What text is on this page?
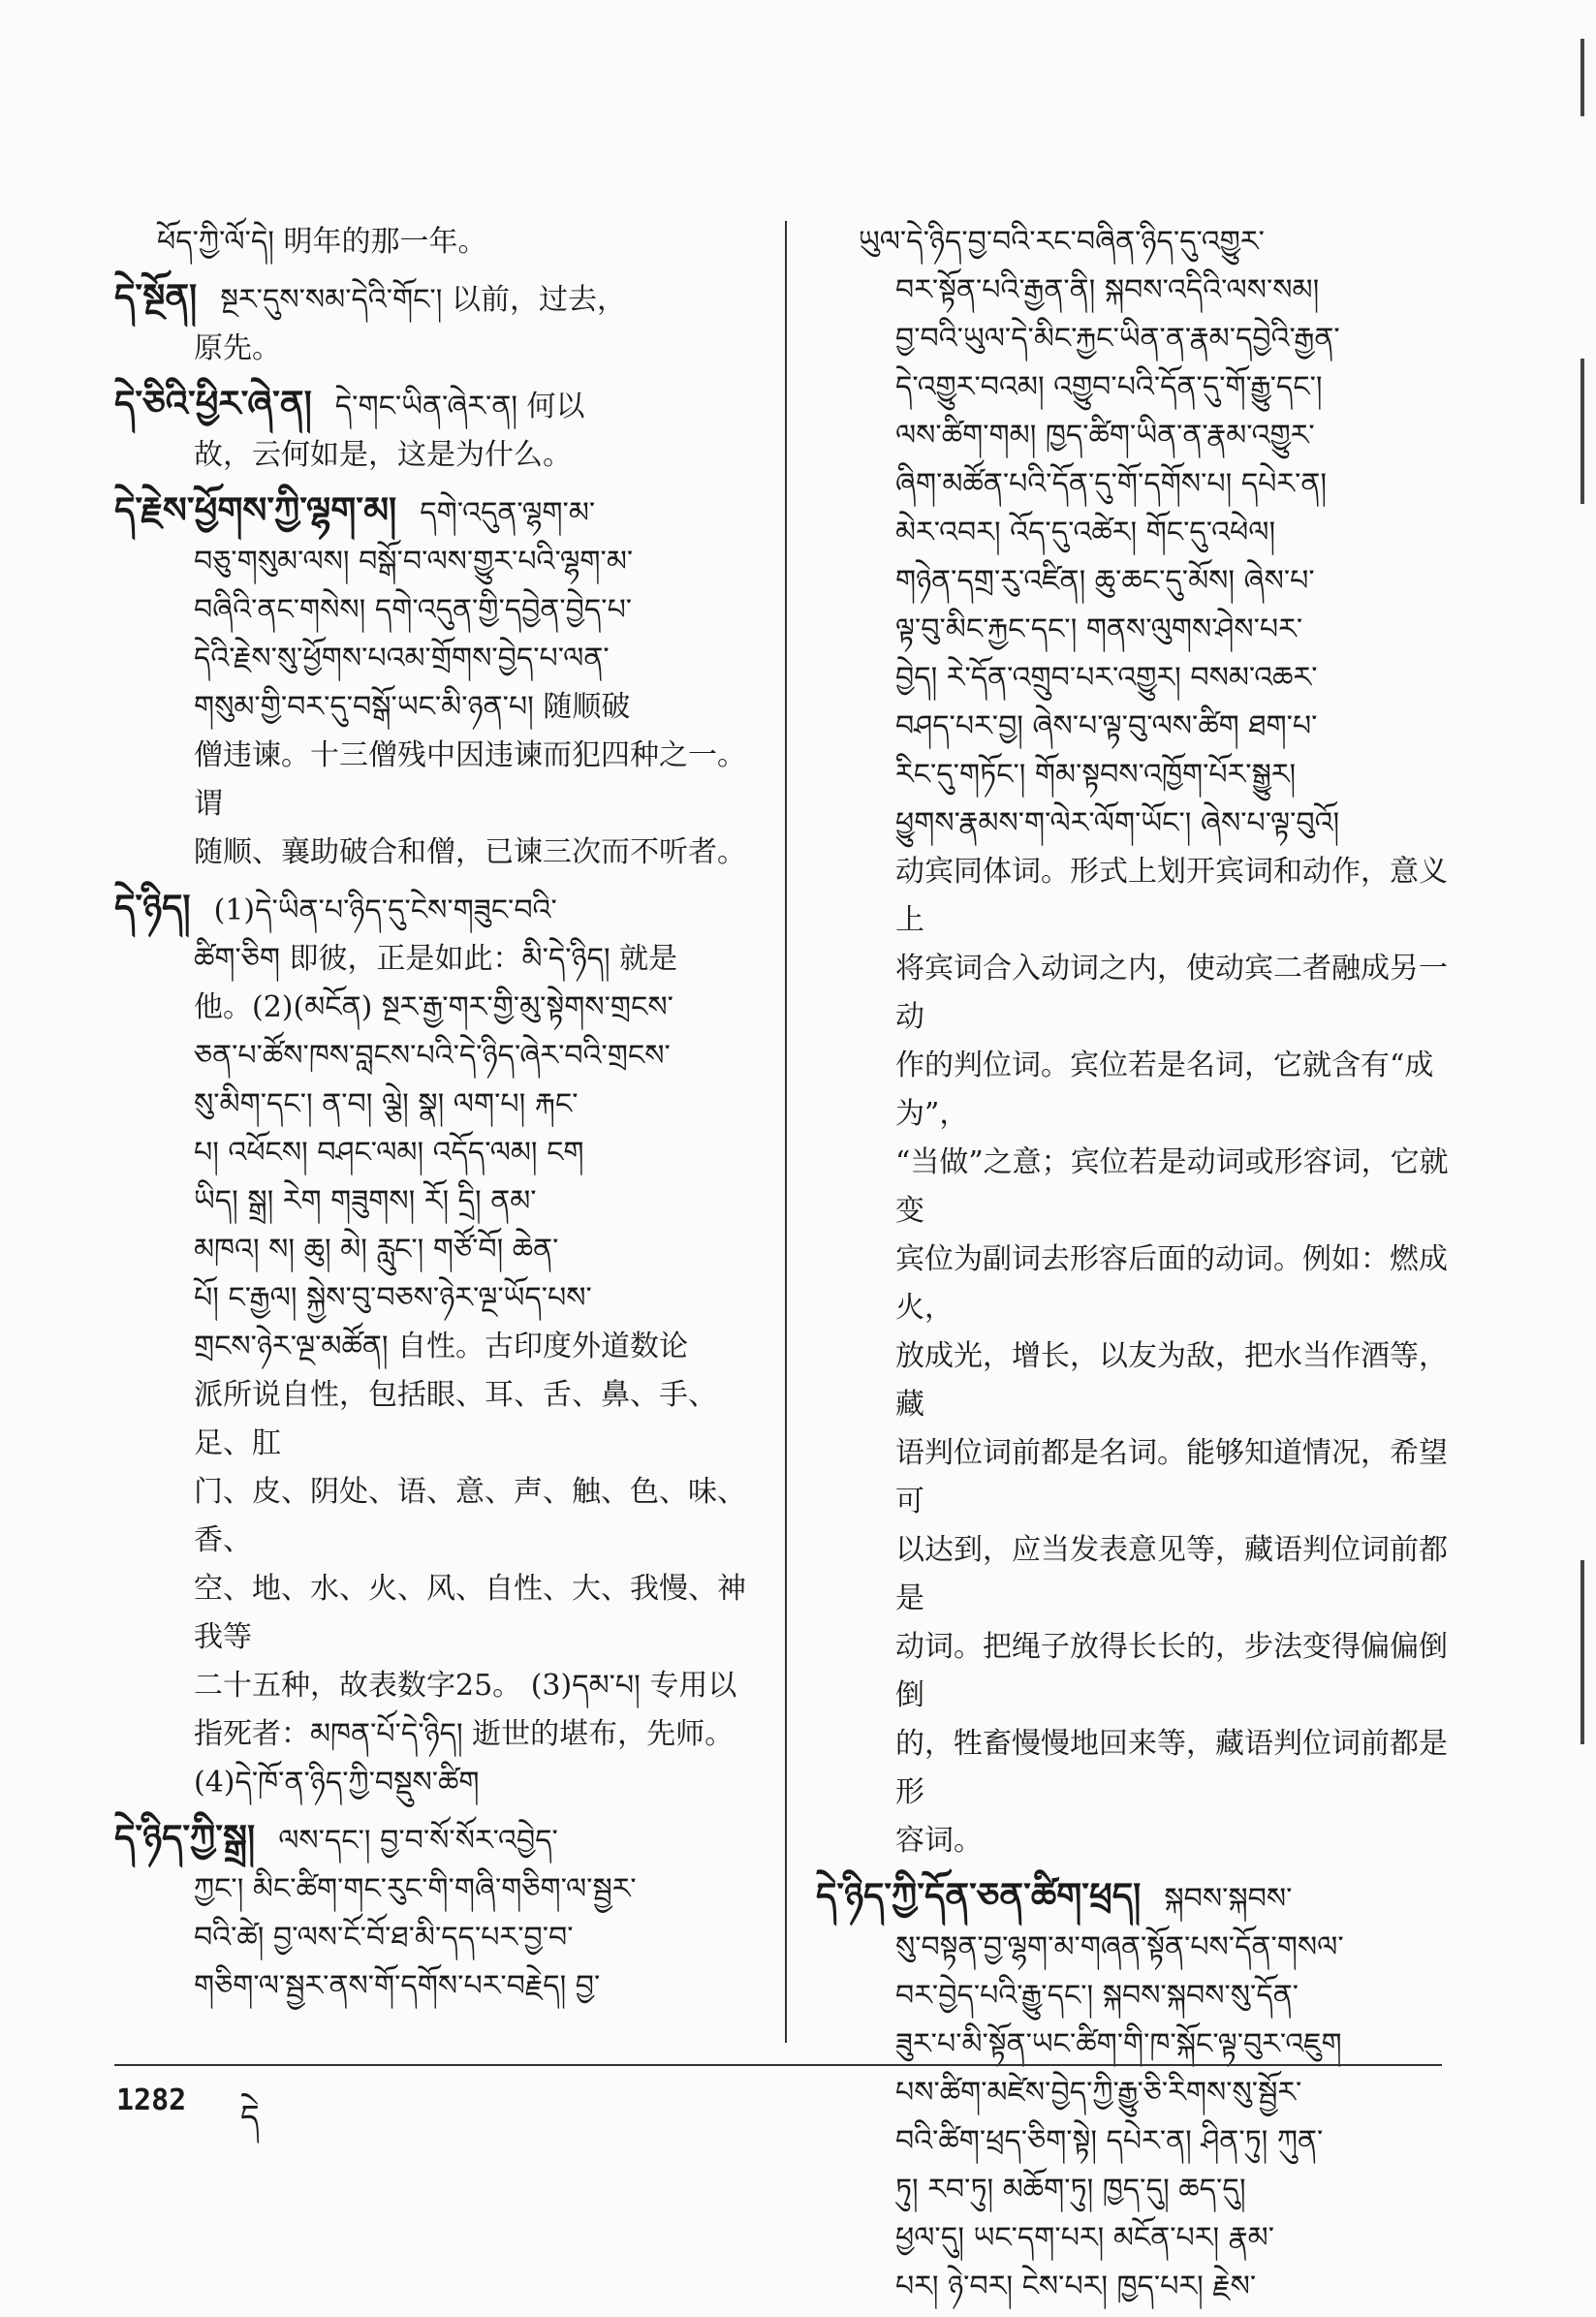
ཕོད་ཀྱི་ལོ་དེ། 明年的那一年。
དེ་སྔོན། སྔར་དུས་སམ་དེའི་གོང་། 以前，过去，
原先。
དེ་ཅིའི་ཕྱིར་ཞེ་ན། དེ་གང་ཡིན་ཞེར་ན། 何以
故，云何如是，这是为什么。
དེ་རྗེས་ཕྱོགས་ཀྱི་ལྷག་མ། དགེ་འདུན་ལྷག་མ་
བཅུ་གསུམ་ལས། བསྒོ་བ་ལས་གྱུར་པའི་ལྷག་མ་
བཞིའི་ནང་གསེས། དགེ་འདུན་གྱི་དབྱེན་བྱེད་པ་
དེའི་རྗེས་སུ་ཕྱོགས་པའམ་གྲོགས་བྱེད་པ་ལན་
གསུམ་གྱི་བར་དུ་བསྒོ་ཡང་མི་ཉན་པ། 随顺破
僧违谏。十三僧残中因违谏而犯四种之一。谓
随顺、襄助破合和僧，已谏三次而不听者。
དེ་ཉིད། (1)དེ་ཡིན་པ་ཉིད་དུ་ངེས་གཟུང་བའི་
ཚིག་ཅིག 即彼，正是如此：མི་དེ་ཉིད། 就是
他。(2)(མངོན) སྔར་རྒྱ་གར་གྱི་མུ་སྟེགས་གྲངས་
ཅན་པ་ཚོས་ཁས་བླངས་པའི་དེ་ཉིད་ཞེར་བའི་གྲངས་
སུ་མིག་དང་། ན་བ། ལྕེ། སྣ། ལག་པ། རྐང་
པ། འཕོངས། བཤང་ལམ། འདོད་ལམ། ངག
ཡིད། སྒྲ། རེག གཟུགས། རོ། དྲི། ནམ་
མཁའ། ས། ཆུ། མེ། རླུང་། གཙོ་བོ། ཆེན་
པོ། ང་རྒྱལ། སྐྱེས་བུ་བཅས་ཉེར་ལྔ་ཡོད་པས་
གྲངས་ཉེར་ལྔ་མཚོན། 自性。古印度外道数论
派所说自性，包括眼、耳、舌、鼻、手、足、肛
门、皮、阴处、语、意、声、触、色、味、香、
空、地、水、火、风、自性、大、我慢、神我等
二十五种，故表数字25。 (3)དམ་པ། 专用以
指死者：མཁན་པོ་དེ་ཉིད། 逝世的堪布，先师。
(4)དེ་ཁོ་ན་ཉིད་ཀྱི་བསྡུས་ཚིག
དེ་ཉིད་ཀྱི་སྒྲ། ལས་དང་། བྱ་བ་སོ་སོར་འབྱེད་
ཀྱང་། མིང་ཚིག་གང་རུང་གི་གཞི་གཅིག་ལ་སྦྱར་
བའི་ཚེ། བྱ་ལས་ངོ་བོ་ཐ་མི་དད་པར་བྱ་བ་
གཅིག་ལ་སྦྱར་ནས་གོ་དགོས་པར་བརྗེད། བྱ་
ཡུལ་དེ་ཉིད་བྱ་བའི་རང་བཞིན་ཉིད་དུ་འགྱུར་
བར་སྟོན་པའི་རྒྱན་ནི། སྐབས་འདིའི་ལས་སམ།
བྱ་བའི་ཡུལ་དེ་མིང་རྐྱང་ཡིན་ན་རྣམ་དབྱེའི་རྒྱན་
དེ་འགྱུར་བའམ། འགྱུབ་པའི་དོན་དུ་གོ་རྒྱུ་དང་།
ལས་ཚིག་གམ། ཁྱད་ཚིག་ཡིན་ན་རྣམ་འགྱུར་
ཞིག་མཚོན་པའི་དོན་དུ་གོ་དགོས་པ། དཔེར་ན།
མེར་འབར། འོད་དུ་འཚེར། གོང་དུ་འཕེལ།
གཉེན་དགྲ་རུ་འཛིན། ཆུ་ཆང་དུ་མོས། ཞེས་པ་
ལྟ་བུ་མིང་རྐྱང་དང་། གནས་ལུགས་ཤེས་པར་
བྱེད། རེ་དོན་འགྲུབ་པར་འགྱུར། བསམ་འཆར་
བཤད་པར་བྱ། ཞེས་པ་ལྟ་བུ་ལས་ཚིག ཐག་པ་
རིང་དུ་གཏོང་། གོམ་སྟབས་འཁྱོག་པོར་སྒྱུར།
ཕྱུགས་རྣམས་ག་ལེར་ལོག་ཡོང་། ཞེས་པ་ལྟ་བུའོ།
动宾同体词。形式上划开宾词和动作，意义上
将宾词合入动词之内，使动宾二者融成另一动
作的判位词。宾位若是名词，它就含有“成为”，
“当做”之意；宾位若是动词或形容词，它就变
宾位为副词去形容后面的动词。例如：燃成火，
放成光，增长，以友为敌，把水当作酒等，藏
语判位词前都是名词。能够知道情况，希望可
以达到，应当发表意见等，藏语判位词前都是
动词。把绳子放得长长的，步法变得偏偏倒倒
的，牲畜慢慢地回来等，藏语判位词前都是形
容词。
དེ་ཉིད་ཀྱི་དོན་ཅན་ཚིག་ཕྲད། སྐབས་སྐབས་
སུ་བསྟན་བྱ་ལྷག་མ་གཞན་སྟོན་པས་དོན་གསལ་
བར་བྱེད་པའི་རྒྱུ་དང་། སྐབས་སྐབས་སུ་དོན་
ཟུར་པ་མི་སྟོན་ཡང་ཚིག་གི་ཁ་སྐོང་ལྟ་བུར་འཇུག
པས་ཚིག་མཛེས་བྱེད་ཀྱི་རྒྱུ་ཅི་རིགས་སུ་སྦྱོར་
བའི་ཚིག་ཕྲད་ཅིག་སྟེ། དཔེར་ན། ཤིན་ཏུ། ཀུན་
ཏུ། རབ་ཏུ། མཆོག་ཏུ། ཁྱད་དུ། ཆད་དུ།
ཕྱལ་དུ། ཡང་དག་པར། མངོན་པར། རྣམ་
པར། ཉེ་བར། ངེས་པར། ཁྱད་པར། རྗེས་
1282 དེ
